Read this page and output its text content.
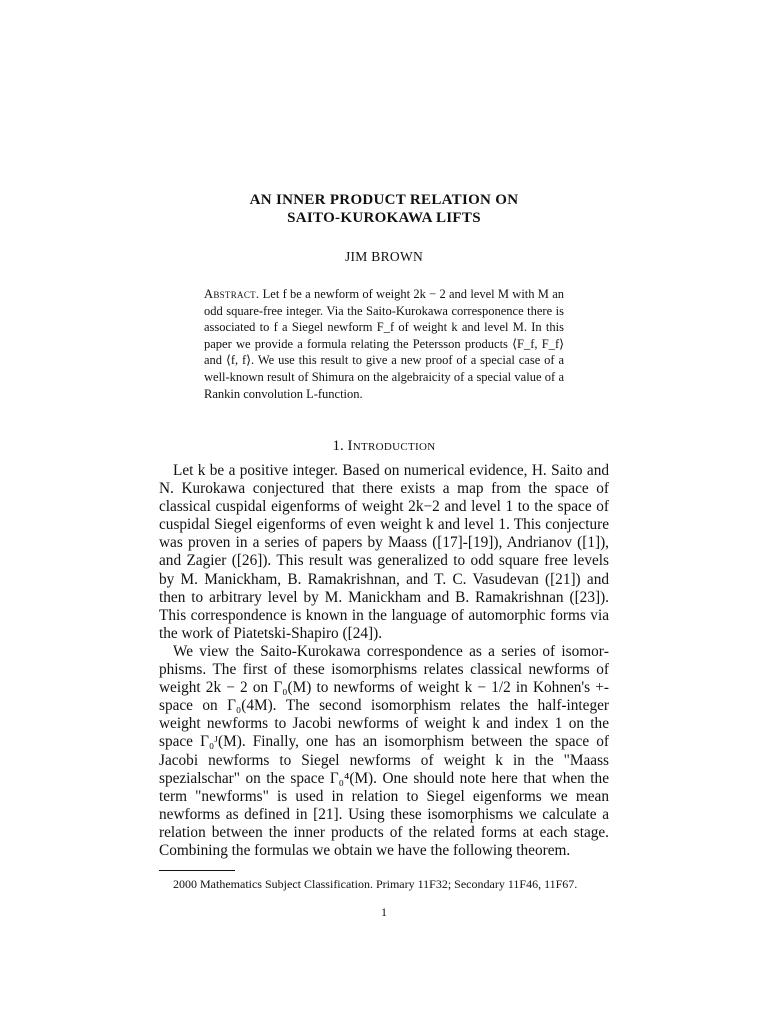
AN INNER PRODUCT RELATION ON
SAITO-KUROKAWA LIFTS
JIM BROWN
Abstract. Let f be a newform of weight 2k − 2 and level M with M an odd square-free integer. Via the Saito-Kurokawa corresponence there is associated to f a Siegel newform F_f of weight k and level M. In this paper we provide a formula relating the Petersson products ⟨F_f, F_f⟩ and ⟨f, f⟩. We use this result to give a new proof of a special case of a well-known result of Shimura on the algebraicity of a special value of a Rankin convolution L-function.
1. Introduction

Let k be a positive integer. Based on numerical evidence, H. Saito and N. Kurokawa conjectured that there exists a map from the space of classical cuspidal eigenforms of weight 2k−2 and level 1 to the space of cuspidal Siegel eigenforms of even weight k and level 1. This conjecture was proven in a series of papers by Maass ([17]-[19]), Andrianov ([1]), and Zagier ([26]). This result was generalized to odd square free levels by M. Manickham, B. Ramakrishnan, and T. C. Vasudevan ([21]) and then to arbitrary level by M. Manickham and B. Ramakrishnan ([23]). This correspondence is known in the language of automorphic forms via the work of Piatetski-Shapiro ([24]).

We view the Saito-Kurokawa correspondence as a series of isomorphisms. The first of these isomorphisms relates classical newforms of weight 2k − 2 on Γ₀(M) to newforms of weight k − 1/2 in Kohnen's +-space on Γ₀(4M). The second isomorphism relates the half-integer weight newforms to Jacobi newforms of weight k and index 1 on the space Γ₀ᴶ(M). Finally, one has an isomorphism between the space of Jacobi newforms to Siegel newforms of weight k in the "Maass spezialschar" on the space Γ₀⁴(M). One should note here that when the term "newforms" is used in relation to Siegel eigenforms we mean newforms as defined in [21]. Using these isomorphisms we calculate a relation between the inner products of the related forms at each stage. Combining the formulas we obtain we have the following theorem.

2000 Mathematics Subject Classification. Primary 11F32; Secondary 11F46, 11F67.
1
